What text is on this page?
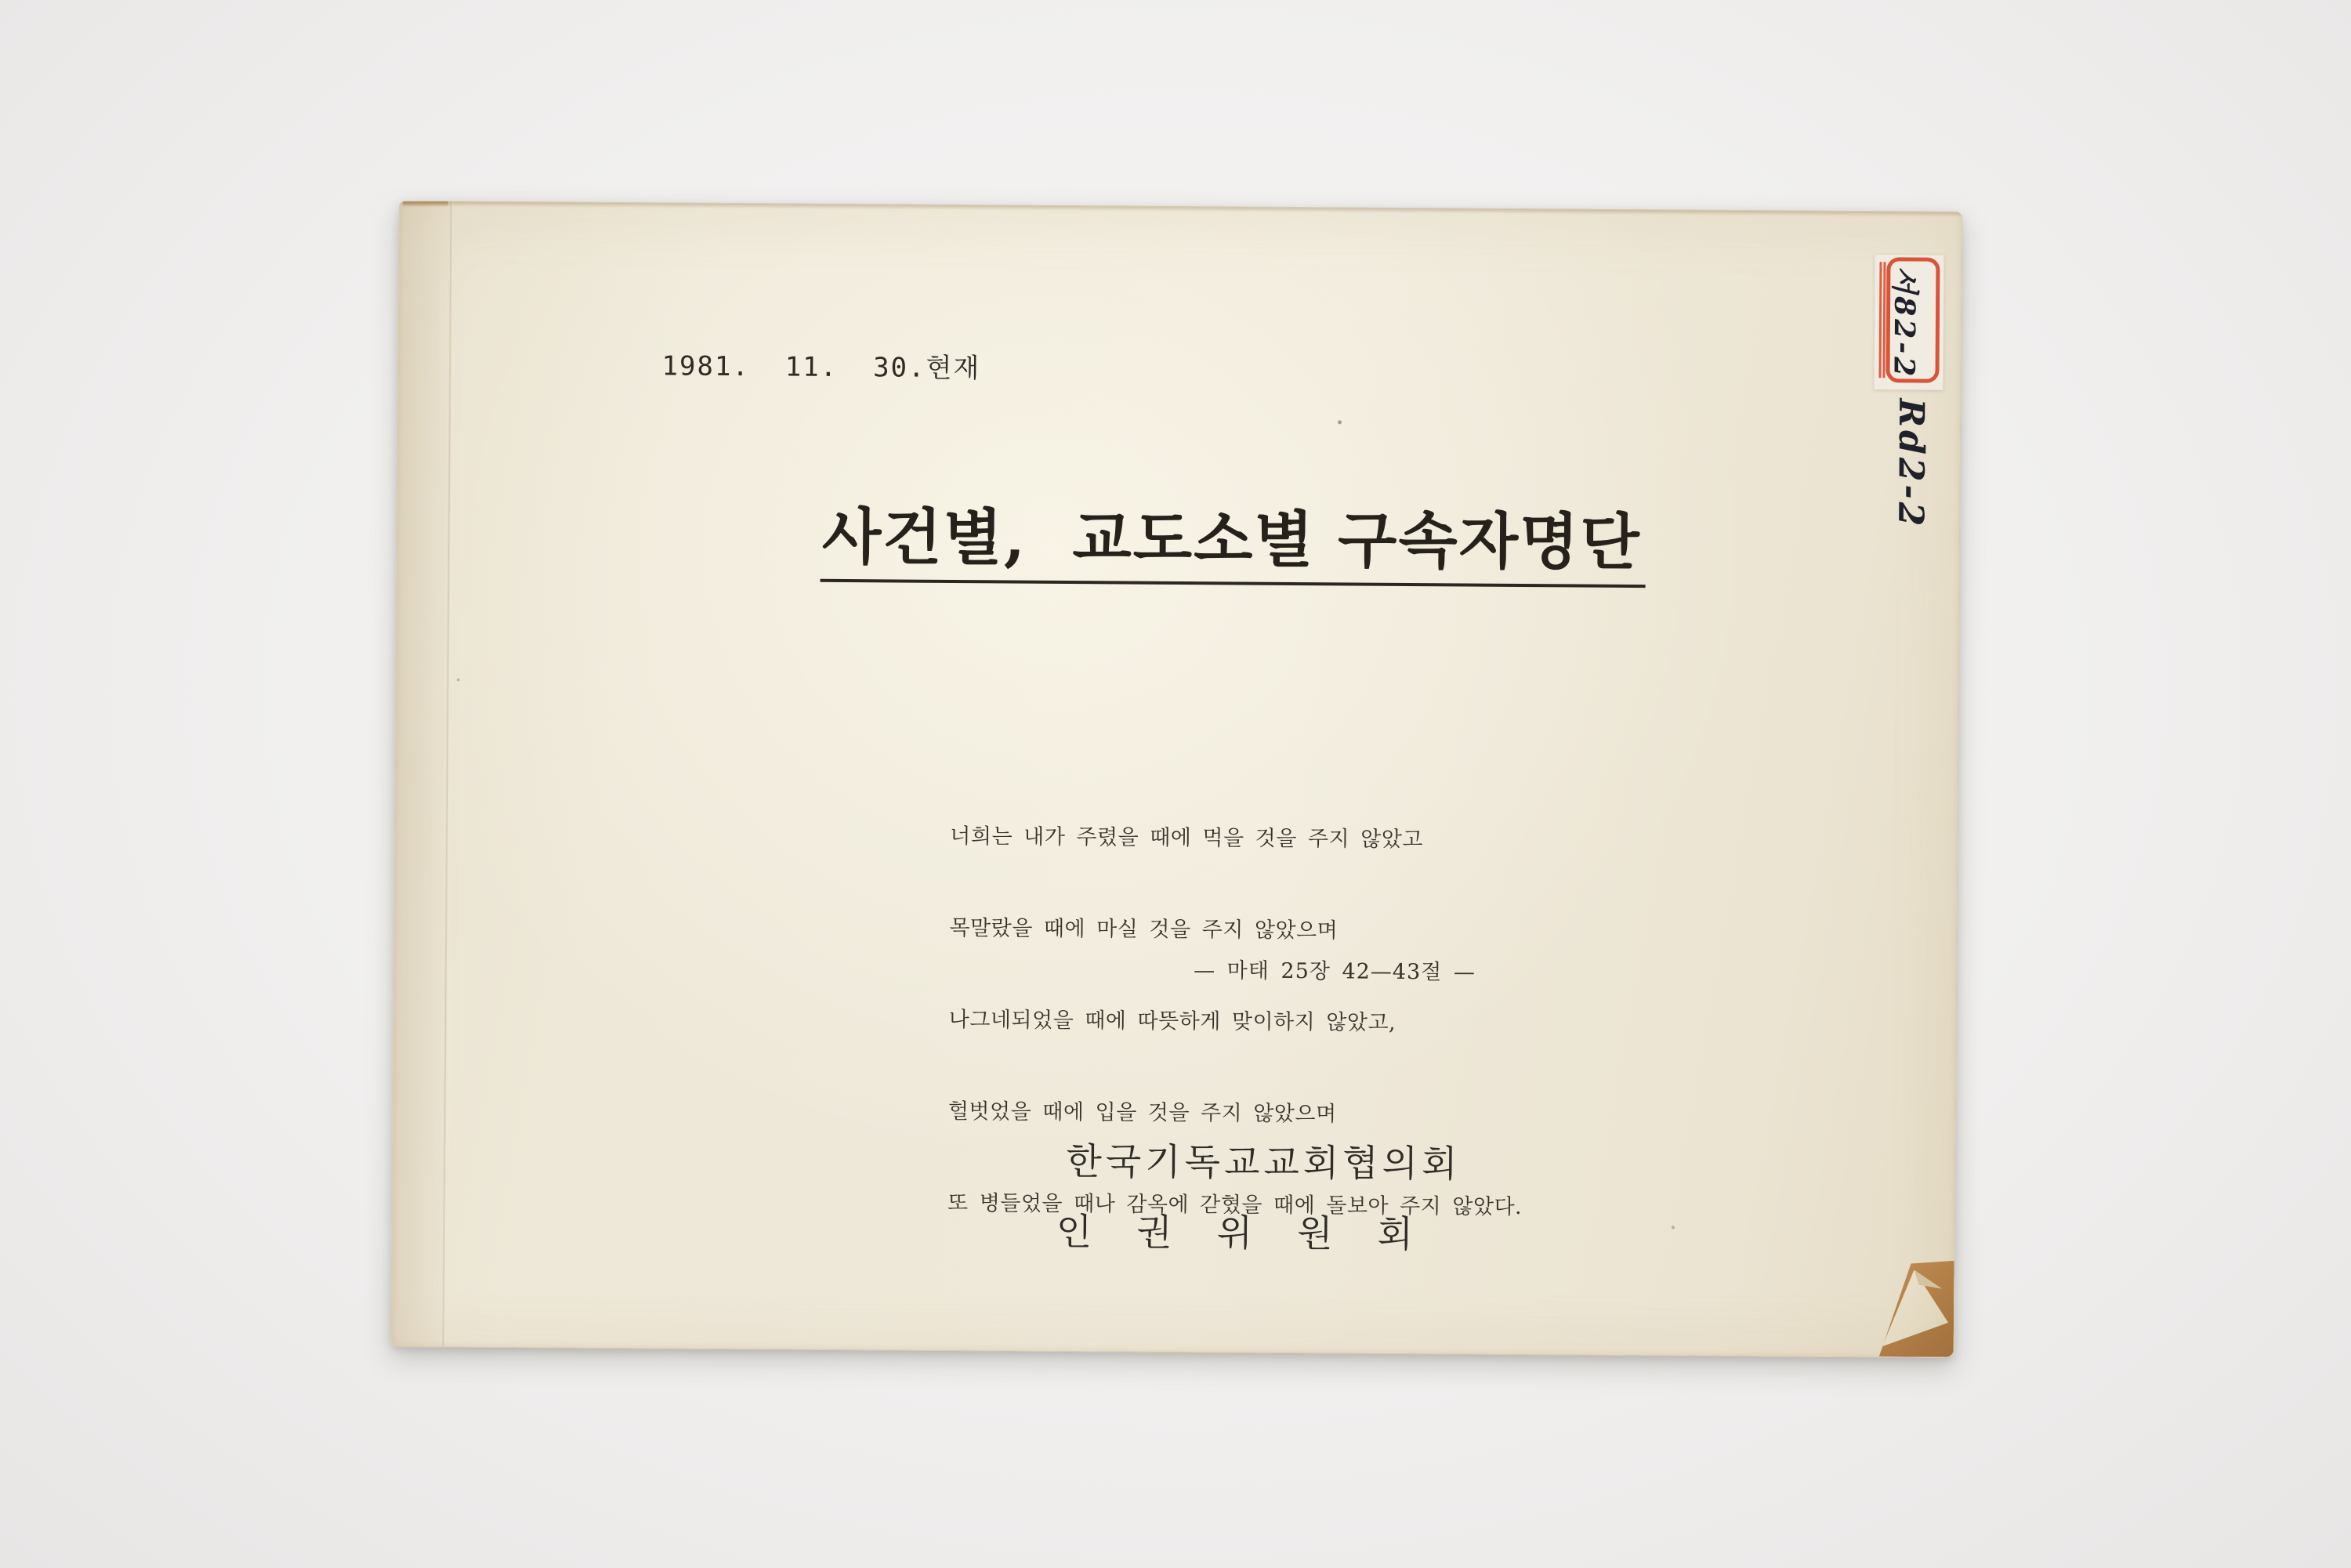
1981.  11.  30.현재
사건별,  교도소별 구속자명단

너희는 내가 주렸을 때에 먹을 것을 주지 않았고

목말랐을 때에 마실 것을 주지 않았으며

나그네되었을 때에 따뜻하게 맞이하지 않았고,

헐벗었을 때에 입을 것을 주지 않았으며

또 병들었을 때나 감옥에 갇혔을 때에 돌보아 주지 않았다.

— 마태 25장 42—43절 —
한국기독교교회협의회
인 권 위 원 회
서82-2
Rd2-2
